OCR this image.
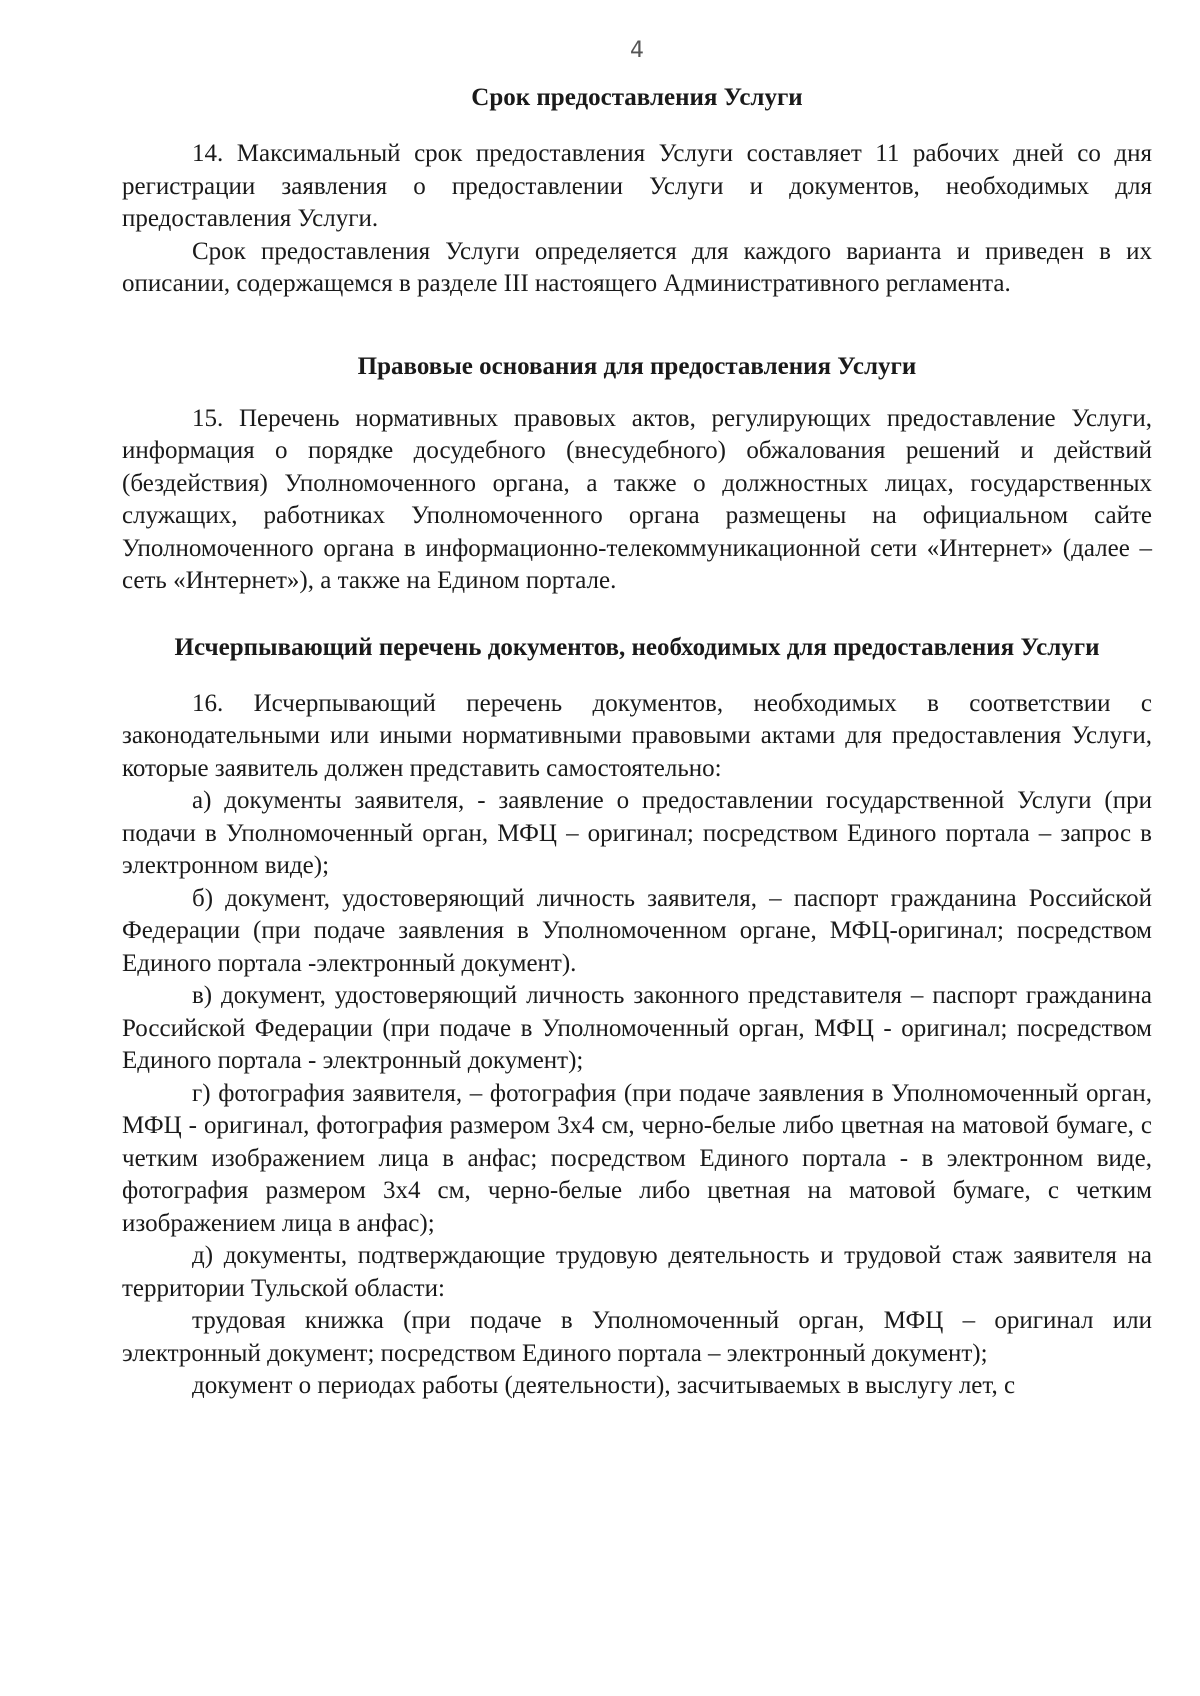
4
Срок предоставления Услуги

14. Максимальный срок предоставления Услуги составляет 11 рабочих дней со дня регистрации заявления о предоставлении Услуги и документов, необходимых для предоставления Услуги.

Срок предоставления Услуги определяется для каждого варианта и приведен в их описании, содержащемся в разделе III настоящего Административного регламента.

Правовые основания для предоставления Услуги

15. Перечень нормативных правовых актов, регулирующих предоставление Услуги, информация о порядке досудебного (внесудебного) обжалования решений и действий (бездействия) Уполномоченного органа, а также о должностных лицах, государственных служащих, работниках Уполномоченного органа размещены на официальном сайте Уполномоченного органа в информационно-телекоммуникационной сети «Интернет» (далее – сеть «Интернет»), а также на Едином портале.

Исчерпывающий перечень документов, необходимых для предоставления Услуги

16. Исчерпывающий перечень документов, необходимых в соответствии с законодательными или иными нормативными правовыми актами для предоставления Услуги, которые заявитель должен представить самостоятельно:

а) документы заявителя, - заявление о предоставлении государственной Услуги (при подачи в Уполномоченный орган, МФЦ – оригинал; посредством Единого портала – запрос в электронном виде);

б) документ, удостоверяющий личность заявителя, – паспорт гражданина Российской Федерации (при подаче заявления в Уполномоченном органе, МФЦ-оригинал; посредством Единого портала -электронный документ).

в) документ, удостоверяющий личность законного представителя – паспорт гражданина Российской Федерации (при подаче в Уполномоченный орган, МФЦ - оригинал; посредством Единого портала - электронный документ);

г) фотография заявителя, – фотография (при подаче заявления в Уполномоченный орган, МФЦ - оригинал, фотография размером 3х4 см, черно-белые либо цветная на матовой бумаге, с четким изображением лица в анфас; посредством Единого портала - в электронном виде, фотография размером 3х4 см, черно-белые либо цветная на матовой бумаге, с четким изображением лица в анфас);

д) документы, подтверждающие трудовую деятельность и трудовой стаж заявителя на территории Тульской области:

трудовая книжка (при подаче в Уполномоченный орган, МФЦ – оригинал или электронный документ; посредством Единого портала – электронный документ);

документ о периодах работы (деятельности), засчитываемых в выслугу лет, с
